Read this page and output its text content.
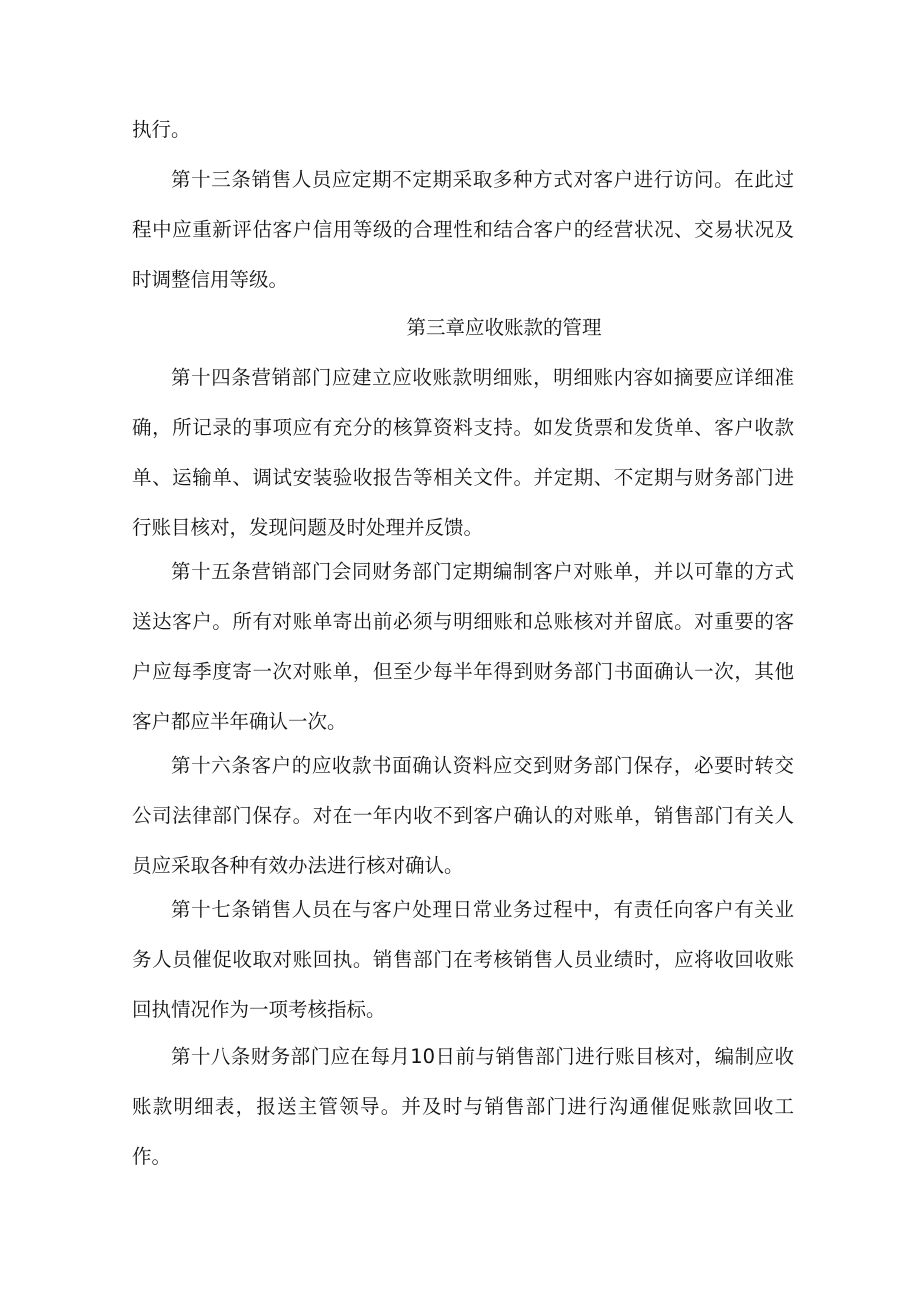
执行。

第十三条销售人员应定期不定期采取多种方式对客户进行访问。在此过程中应重新评估客户信用等级的合理性和结合客户的经营状况、交易状况及时调整信用等级。

第三章应收账款的管理

第十四条营销部门应建立应收账款明细账，明细账内容如摘要应详细准确，所记录的事项应有充分的核算资料支持。如发货票和发货单、客户收款单、运输单、调试安装验收报告等相关文件。并定期、不定期与财务部门进行账目核对，发现问题及时处理并反馈。

第十五条营销部门会同财务部门定期编制客户对账单，并以可靠的方式送达客户。所有对账单寄出前必须与明细账和总账核对并留底。对重要的客户应每季度寄一次对账单，但至少每半年得到财务部门书面确认一次，其他客户都应半年确认一次。

第十六条客户的应收款书面确认资料应交到财务部门保存，必要时转交公司法律部门保存。对在一年内收不到客户确认的对账单，销售部门有关人员应采取各种有效办法进行核对确认。

第十七条销售人员在与客户处理日常业务过程中，有责任向客户有关业务人员催促收取对账回执。销售部门在考核销售人员业绩时，应将收回收账回执情况作为一项考核指标。

第十八条财务部门应在每月10日前与销售部门进行账目核对，编制应收账款明细表，报送主管领导。并及时与销售部门进行沟通催促账款回收工作。
